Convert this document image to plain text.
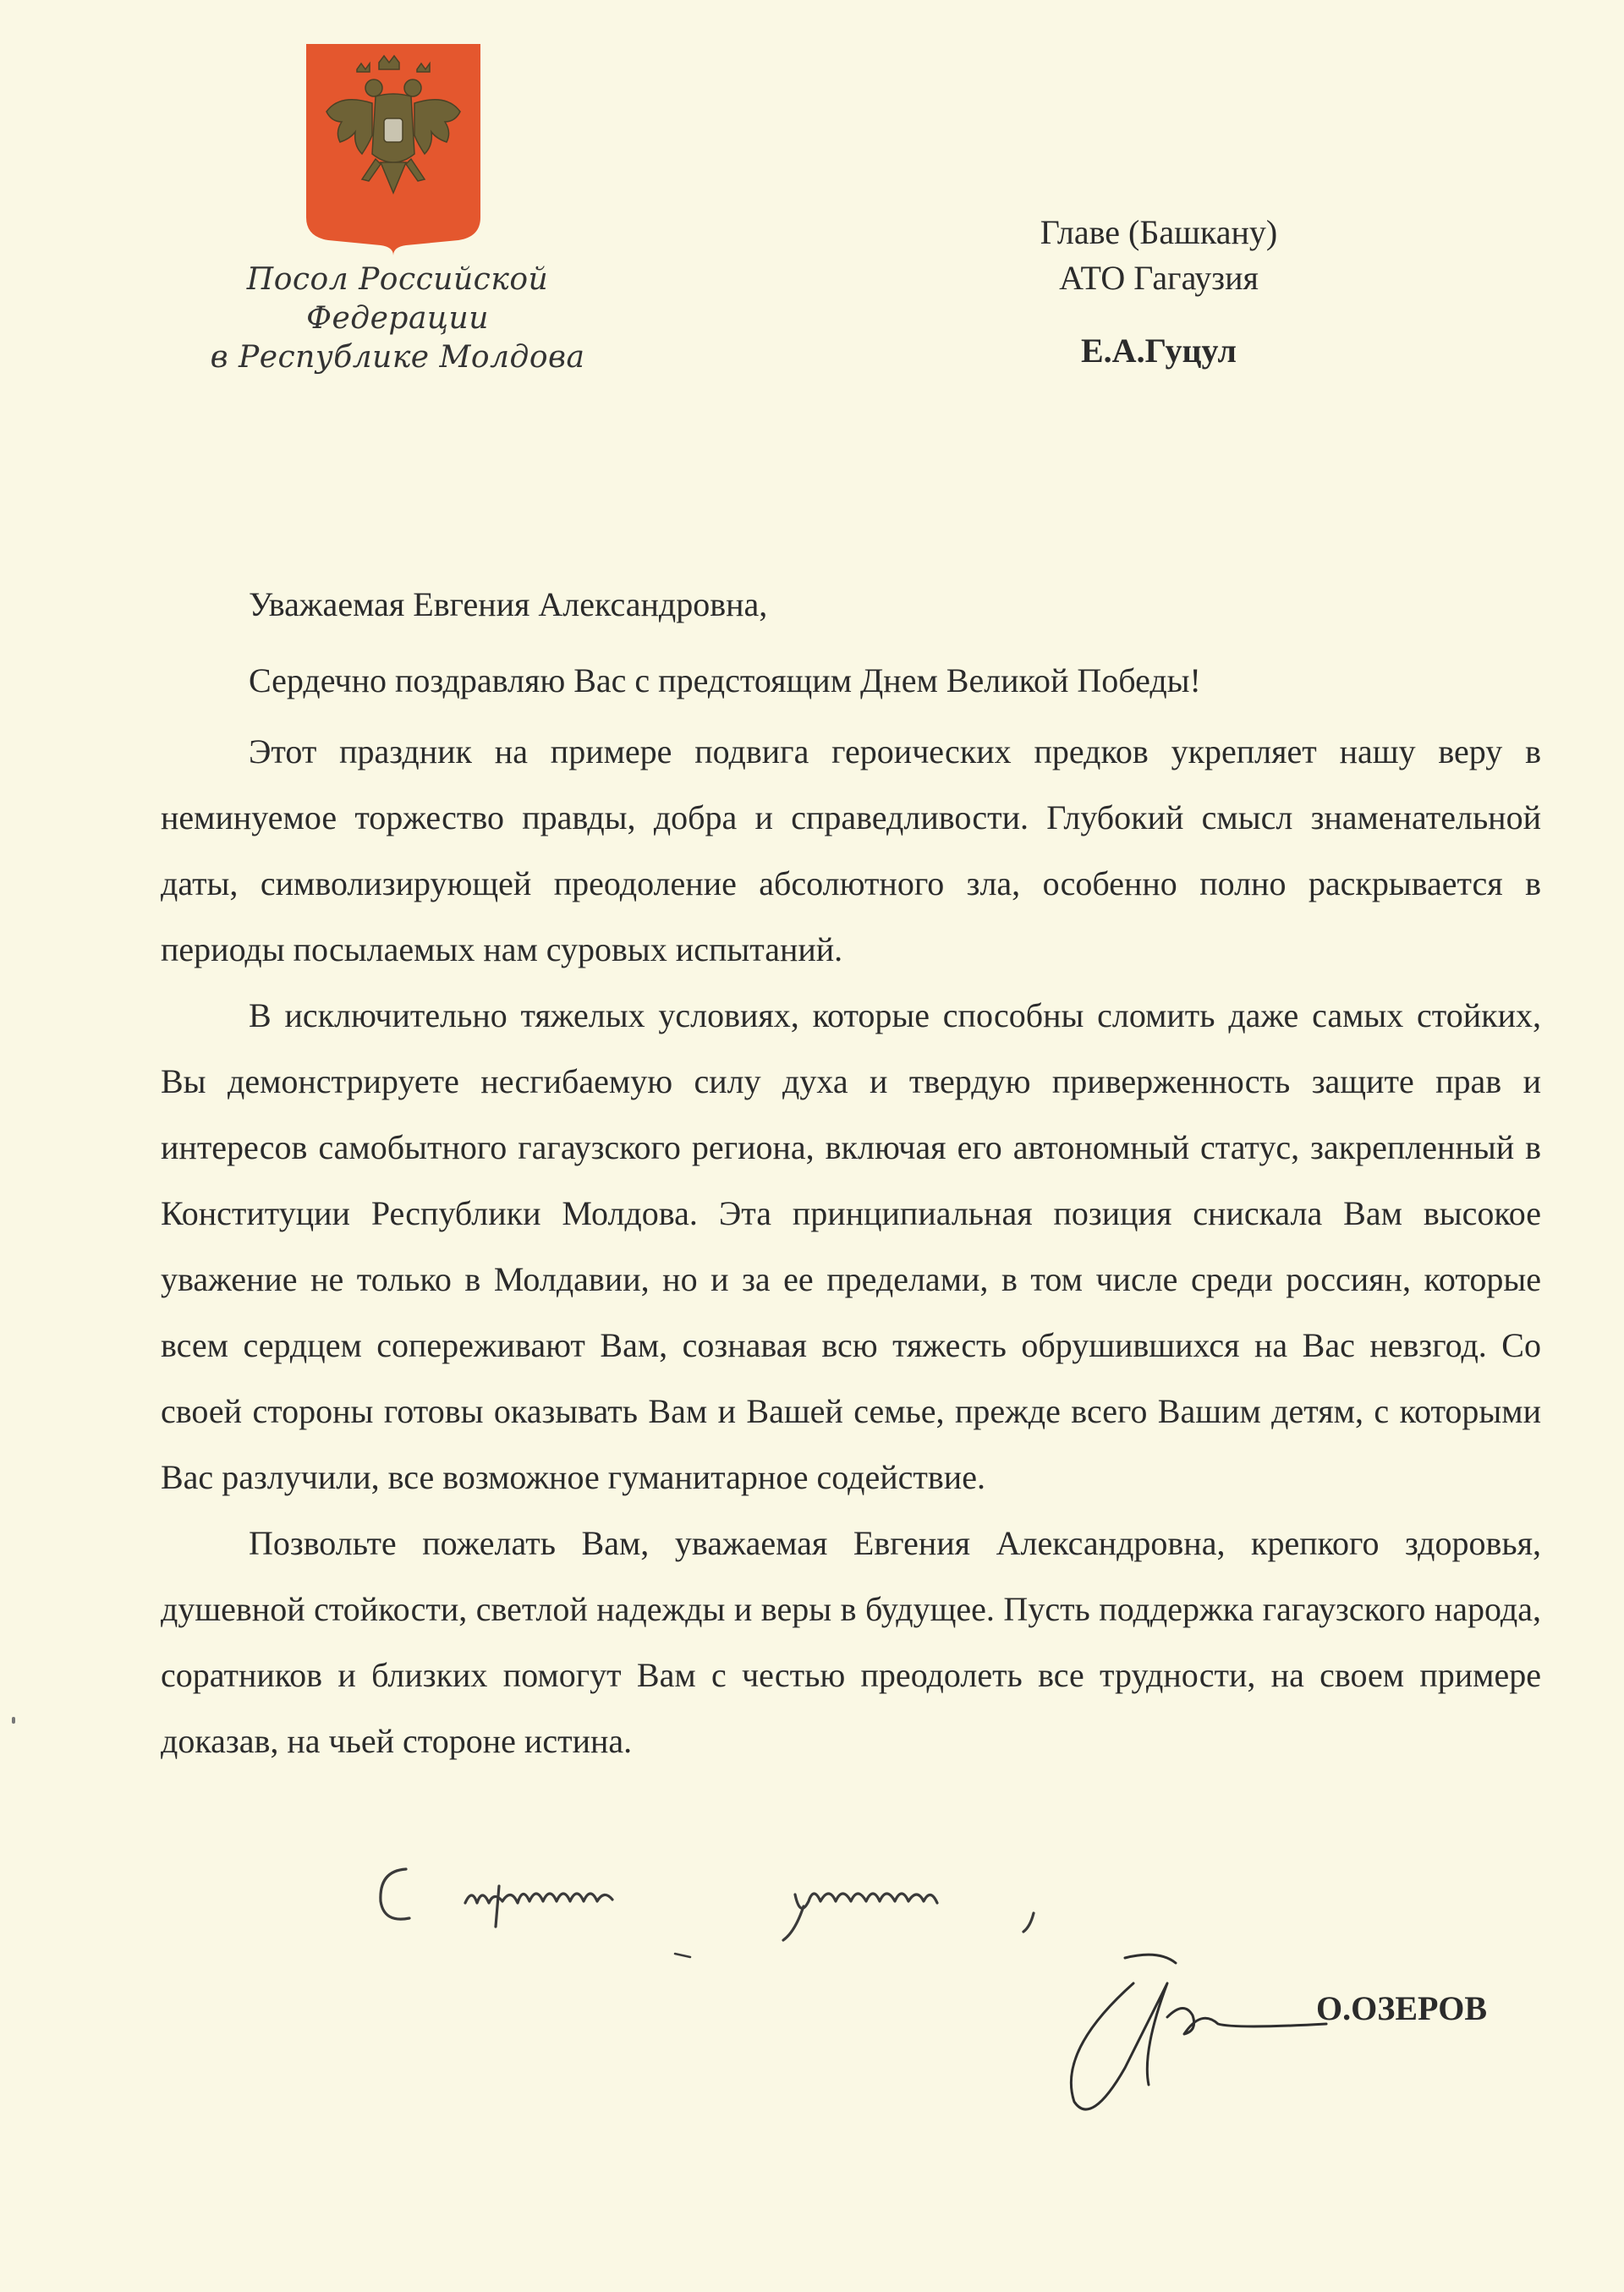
Посол Российской Федерации
в Республике Молдова
Главе (Башкану)
АТО Гагаузия
Е.А.Гуцул

Уважаемая Евгения Александровна,

Сердечно поздравляю Вас с предстоящим Днем Великой Победы!

Этот праздник на примере подвига героических предков укрепляет нашу веру в неминуемое торжество правды, добра и справедливости. Глубокий смысл знаменательной даты, символизирующей преодоление абсолютного зла, особенно полно раскрывается в периоды посылаемых нам суровых испытаний.

В исключительно тяжелых условиях, которые способны сломить даже самых стойких, Вы демонстрируете несгибаемую силу духа и твердую приверженность защите прав и интересов самобытного гагаузского региона, включая его автономный статус, закрепленный в Конституции Республики Молдова. Эта принципиальная позиция снискала Вам высокое уважение не только в Молдавии, но и за ее пределами, в том числе среди россиян, которые всем сердцем сопереживают Вам, сознавая всю тяжесть обрушившихся на Вас невзгод. Со своей стороны готовы оказывать Вам и Вашей семье, прежде всего Вашим детям, с которыми Вас разлучили, все возможное гуманитарное содействие.

Позвольте пожелать Вам, уважаемая Евгения Александровна, крепкого здоровья, душевной стойкости, светлой надежды и веры в будущее. Пусть поддержка гагаузского народа, соратников и близких помогут Вам с честью преодолеть все трудности, на своем примере доказав, на чьей стороне истина.

О.ОЗЕРОВ
